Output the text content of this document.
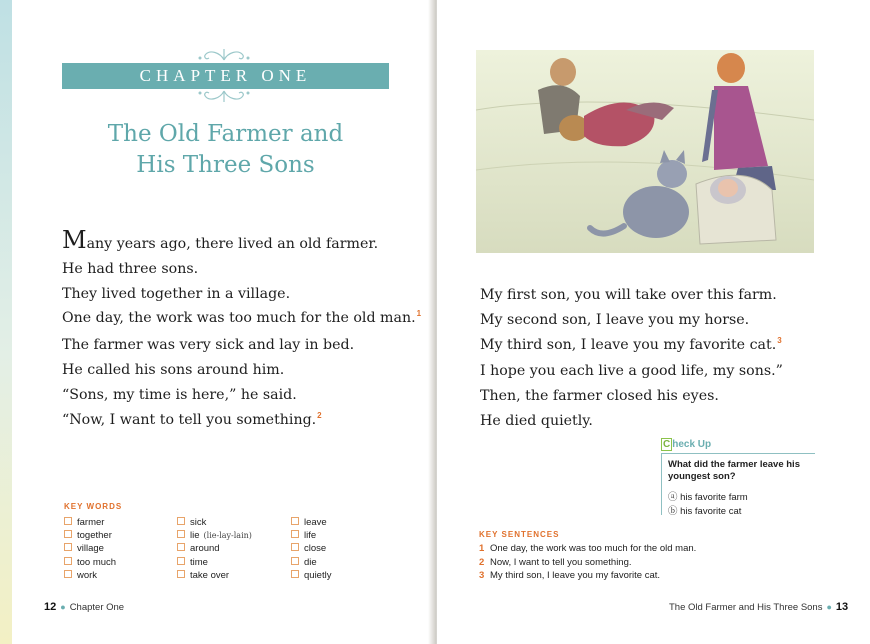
CHAPTER ONE
The Old Farmer and
His Three Sons
Many years ago, there lived an old farmer.
He had three sons.
They lived together in a village.
One day, the work was too much for the old man.$^1$
The farmer was very sick and lay in bed.
He called his sons around him.
“Sons, my time is here,” he said.
“Now, I want to tell you something.$^2$
KEY WORDS
farmer
together
village
too much
work
sick
lie (lie-lay-lain)
around
time
take over
leave
life
close
die
quietly
12 ● Chapter One
My first son, you will take over this farm.
My second son, I leave you my horse.
My third son, I leave you my favorite cat.$^3$
I hope you each live a good life, my sons.”
Then, the farmer closed his eyes.
He died quietly.
C heck Up
What did the farmer leave his youngest son?
ⓐ his favorite farm
ⓑ his favorite cat
KEY SENTENCES
1 One day, the work was too much for the old man.
2 Now, I want to tell you something.
3 My third son, I leave you my favorite cat.
The Old Farmer and His Three Sons ● 13
